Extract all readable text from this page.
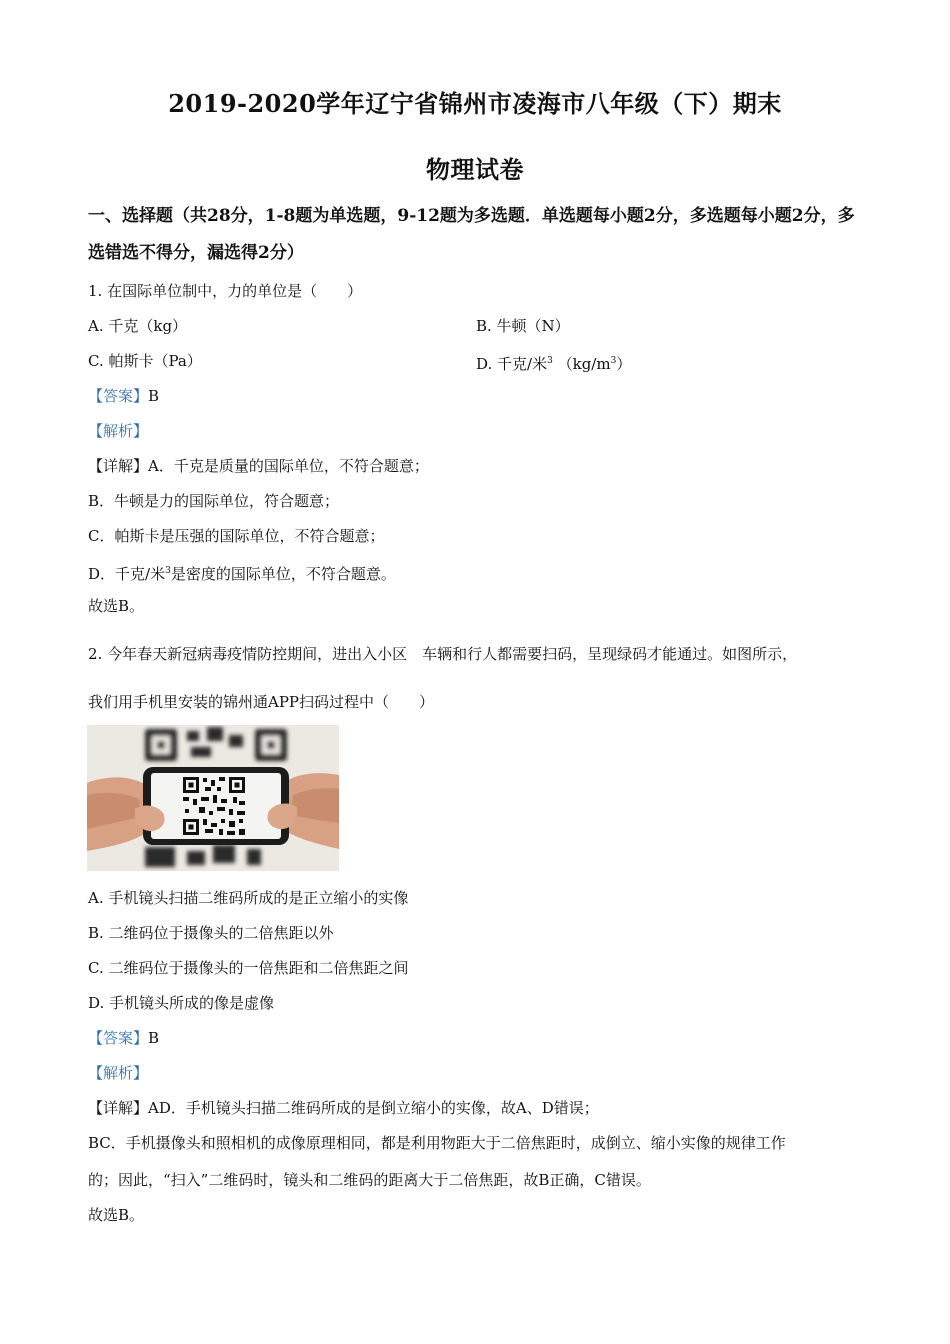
2019-2020学年辽宁省锦州市凌海市八年级（下）期末
物理试卷
一、选择题（共28分，1-8题为单选题，9-12题为多选题．单选题每小题2分，多选题每小题2分，多选错选不得分，漏选得2分）
1. 在国际单位制中，力的单位是（　　）
A. 千克（kg）	B. 牛顿（N）
C. 帕斯卡（Pa）	D. 千克/米$^3$ $(kg/m^3)$
【答案】B
【解析】
【详解】A．千克是质量的国际单位，不符合题意；
B．牛顿是力的国际单位，符合题意；
C．帕斯卡是压强的国际单位，不符合题意；
D．千克/米$^3$是密度的国际单位，不符合题意。
故选B。
2. 今年春天新冠病毒疫情防控期间，进出入小区　车辆和行人都需要扫码，呈现绿码才能通过。如图所示，
我们用手机里安装的锦州通APP扫码过程中（　　）
A. 手机镜头扫描二维码所成的是正立缩小的实像
B. 二维码位于摄像头的二倍焦距以外
C. 二维码位于摄像头的一倍焦距和二倍焦距之间
D. 手机镜头所成的像是虚像
【答案】B
【解析】
【详解】AD．手机镜头扫描二维码所成的是倒立缩小的实像，故A、D错误；
BC．手机摄像头和照相机的成像原理相同，都是利用物距大于二倍焦距时，成倒立、缩小实像的规律工作
的；因此，“扫入”二维码时，镜头和二维码的距离大于二倍焦距，故B正确，C错误。
故选B。
